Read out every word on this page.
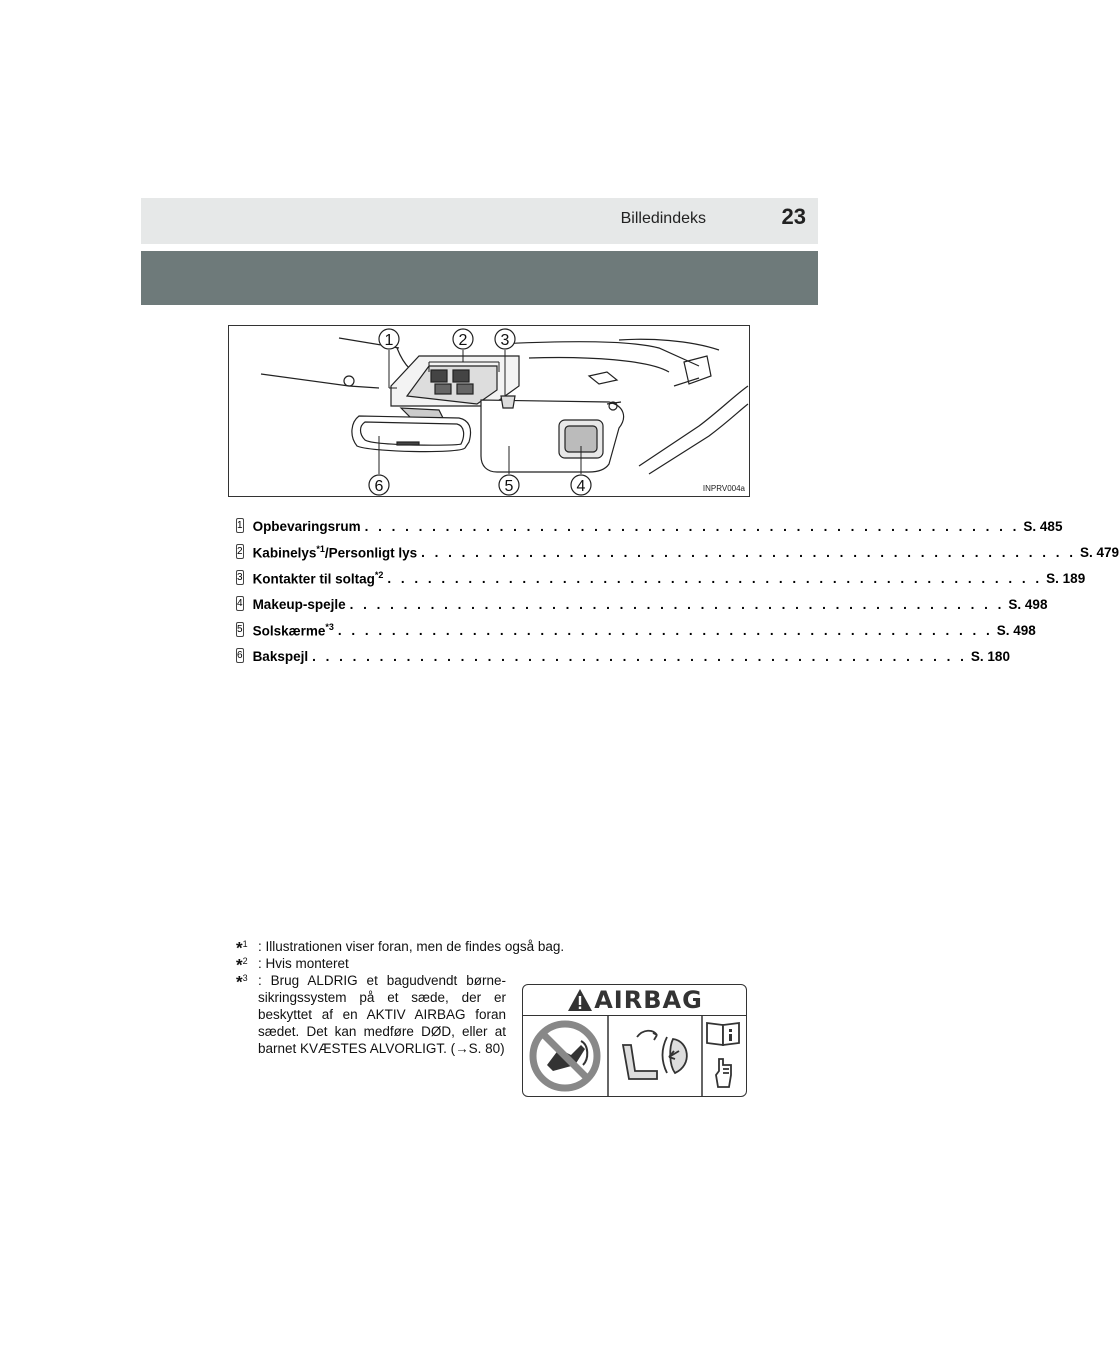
Billedindeks	23
1	2 3
4
5
6	INPRV004a
1 Opbevaringsrum . . . . . . . . . . . . . . . . . . . . . . . . . . . . . . . . . . . . . . . . . . . . . . . . . S. 485
2 Kabinelys$^{*1}$/Personligt lys . . . . . . . . . . . . . . . . . . . . . . . . . . . . . . . . . . . . . . . . . . . . . . . . . S. 479
3 Kontakter til soltag$^{*2}$ . . . . . . . . . . . . . . . . . . . . . . . . . . . . . . . . . . . . . . . . . . . . . . . . . S. 189
4 Makeup-spejle . . . . . . . . . . . . . . . . . . . . . . . . . . . . . . . . . . . . . . . . . . . . . . . . . S. 498
5 Solskærme$^{*3}$ . . . . . . . . . . . . . . . . . . . . . . . . . . . . . . . . . . . . . . . . . . . . . . . . . S. 498
6 Bakspejl . . . . . . . . . . . . . . . . . . . . . . . . . . . . . . . . . . . . . . . . . . . . . . . . . S. 180
*$^1$ : Illustrationen viser foran, men de findes også bag.
*$^2$ : Hvis monteret
*$^3$ : Brug ALDRIG et bagudvendt børne-sikringssystem på et sæde, der er beskyttet af en AKTIV AIRBAG foran sædet. Det kan medføre DØD, eller at barnet KVÆSTES ALVORLIGT. (→S. 80)
AIRBAG
